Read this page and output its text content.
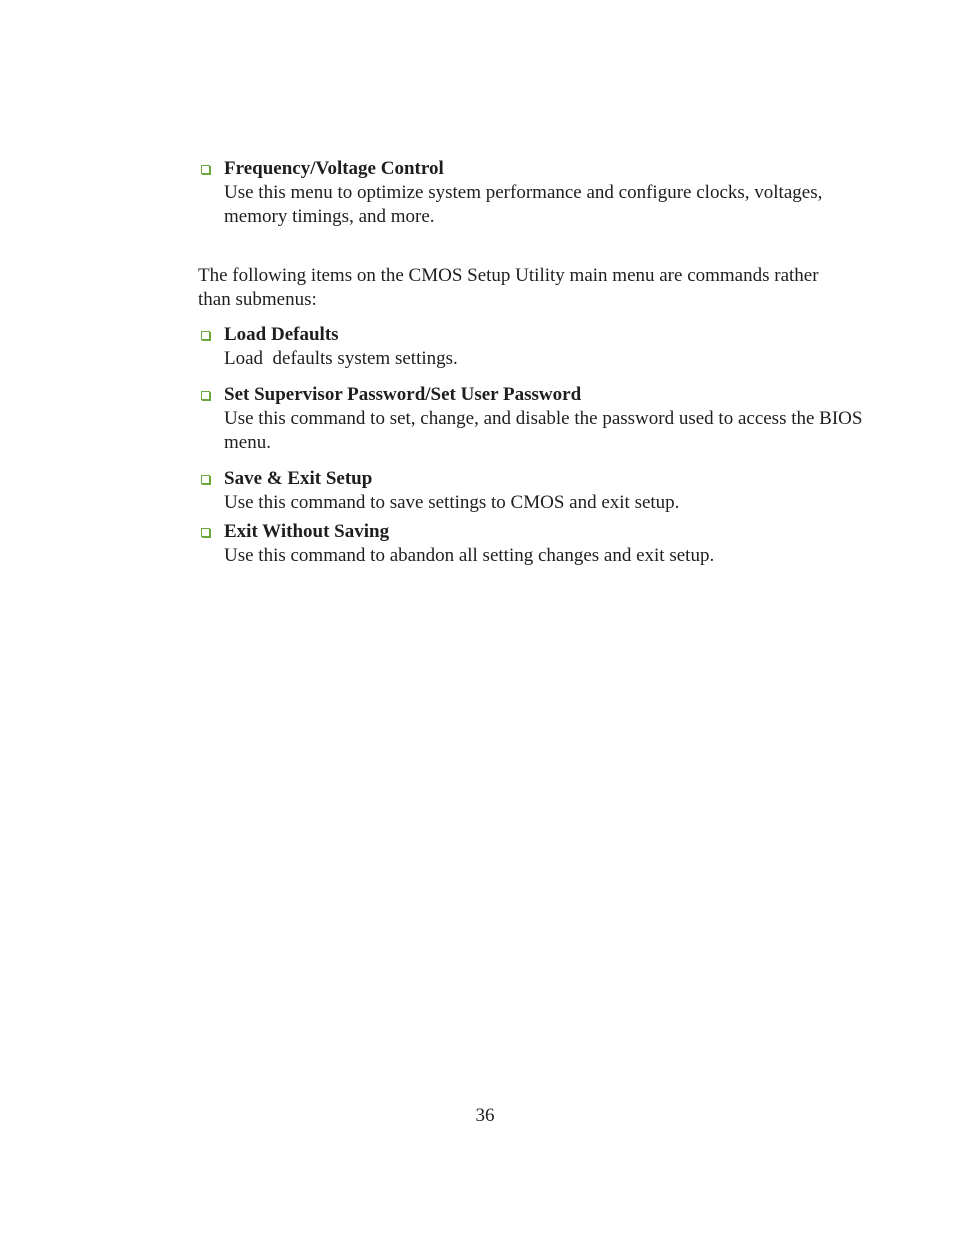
Frequency/Voltage Control
Use this menu to optimize system performance and configure clocks, voltages, memory timings, and more.
The following items on the CMOS Setup Utility main menu are commands rather than submenus:
Load Defaults
Load  defaults system settings.
Set Supervisor Password/Set User Password
Use this command to set, change, and disable the password used to access the BIOS menu.
Save & Exit Setup
Use this command to save settings to CMOS and exit setup.
Exit Without Saving
Use this command to abandon all setting changes and exit setup.
36
